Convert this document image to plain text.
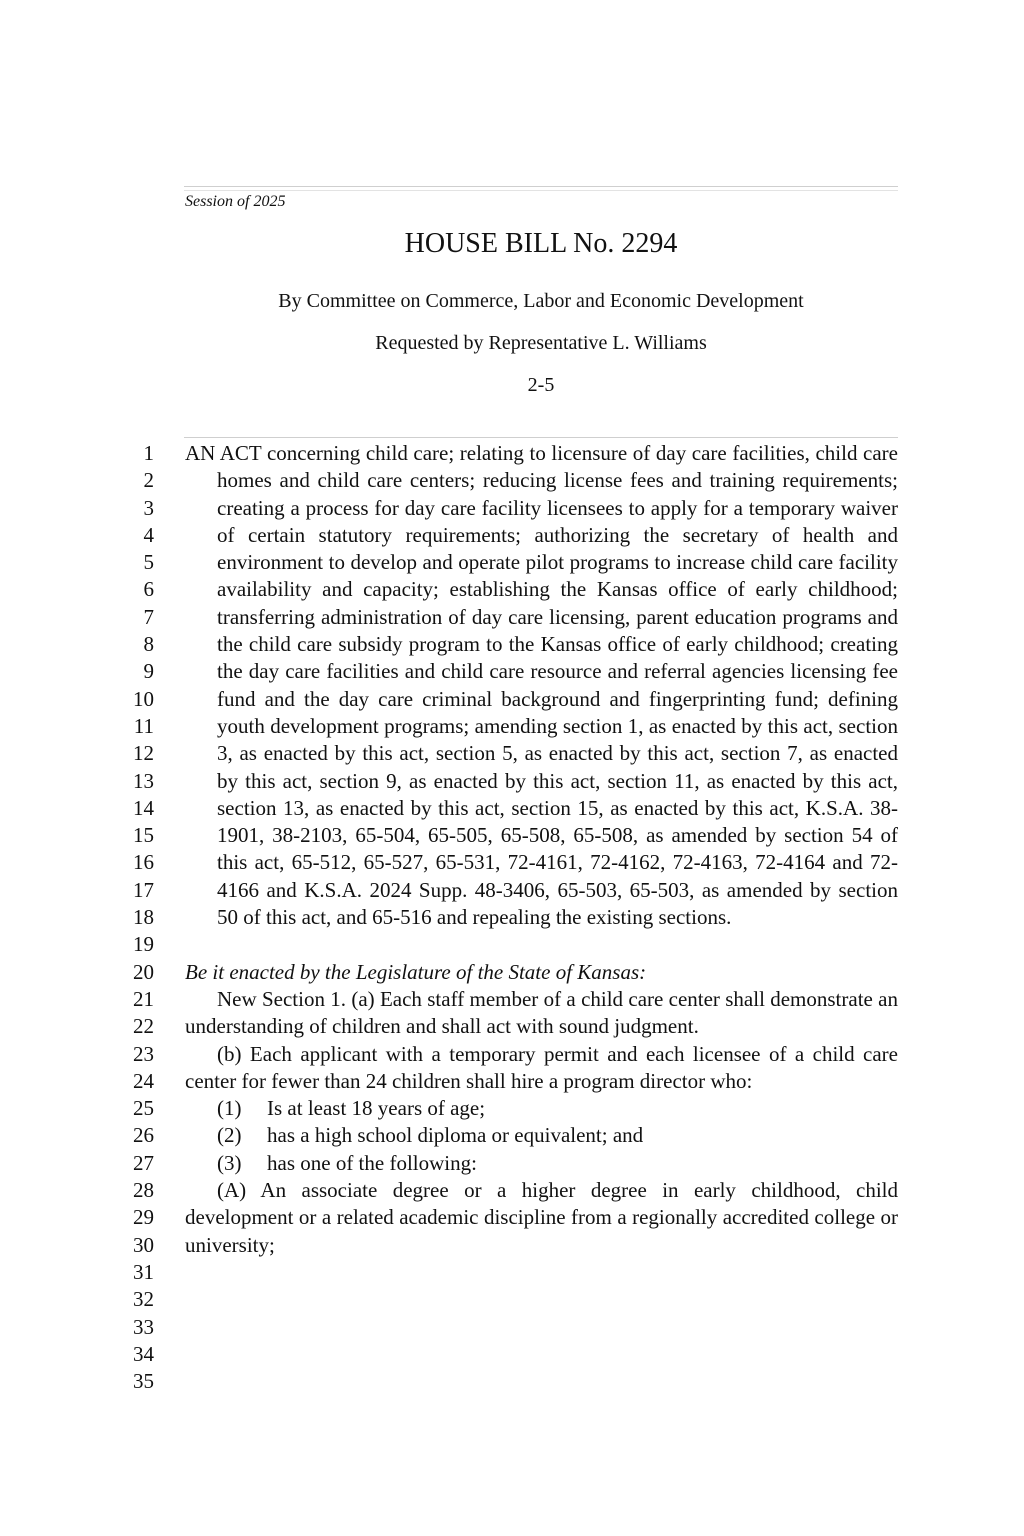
Session of 2025
HOUSE BILL No. 2294
By Committee on Commerce, Labor and Economic Development
Requested by Representative L. Williams
2-5
1
2
3
4
5
6
7
8
9
10
11
12
13
14
15
16
17
18
19
20
21
22
23
24
25
26
27
28
29
30
31
32
33
34
35
AN ACT concerning child care; relating to licensure of day care facilities, child care homes and child care centers; reducing license fees and training requirements; creating a process for day care facility licensees to apply for a temporary waiver of certain statutory requirements; authorizing the secretary of health and environment to develop and operate pilot programs to increase child care facility availability and capacity; establishing the Kansas office of early childhood; transferring administration of day care licensing, parent education programs and the child care subsidy program to the Kansas office of early childhood; creating the day care facilities and child care resource and referral agencies licensing fee fund and the day care criminal background and fingerprinting fund; defining youth development programs; amending section 1, as enacted by this act, section 3, as enacted by this act, section 5, as enacted by this act, section 7, as enacted by this act, section 9, as enacted by this act, section 11, as enacted by this act, section 13, as enacted by this act, section 15, as enacted by this act, K.S.A. 38-1901, 38-2103, 65-504, 65-505, 65-508, 65-508, as amended by section 54 of this act, 65-512, 65-527, 65-531, 72-4161, 72-4162, 72-4163, 72-4164 and 72-4166 and K.S.A. 2024 Supp. 48-3406, 65-503, 65-503, as amended by section 50 of this act, and 65-516 and repealing the existing sections.
Be it enacted by the Legislature of the State of Kansas:
New Section 1. (a) Each staff member of a child care center shall demonstrate an understanding of children and shall act with sound judgment.
(b) Each applicant with a temporary permit and each licensee of a child care center for fewer than 24 children shall hire a program director who:
(1) Is at least 18 years of age;
(2) has a high school diploma or equivalent; and
(3) has one of the following:
(A) An associate degree or a higher degree in early childhood, child development or a related academic discipline from a regionally accredited college or university;
